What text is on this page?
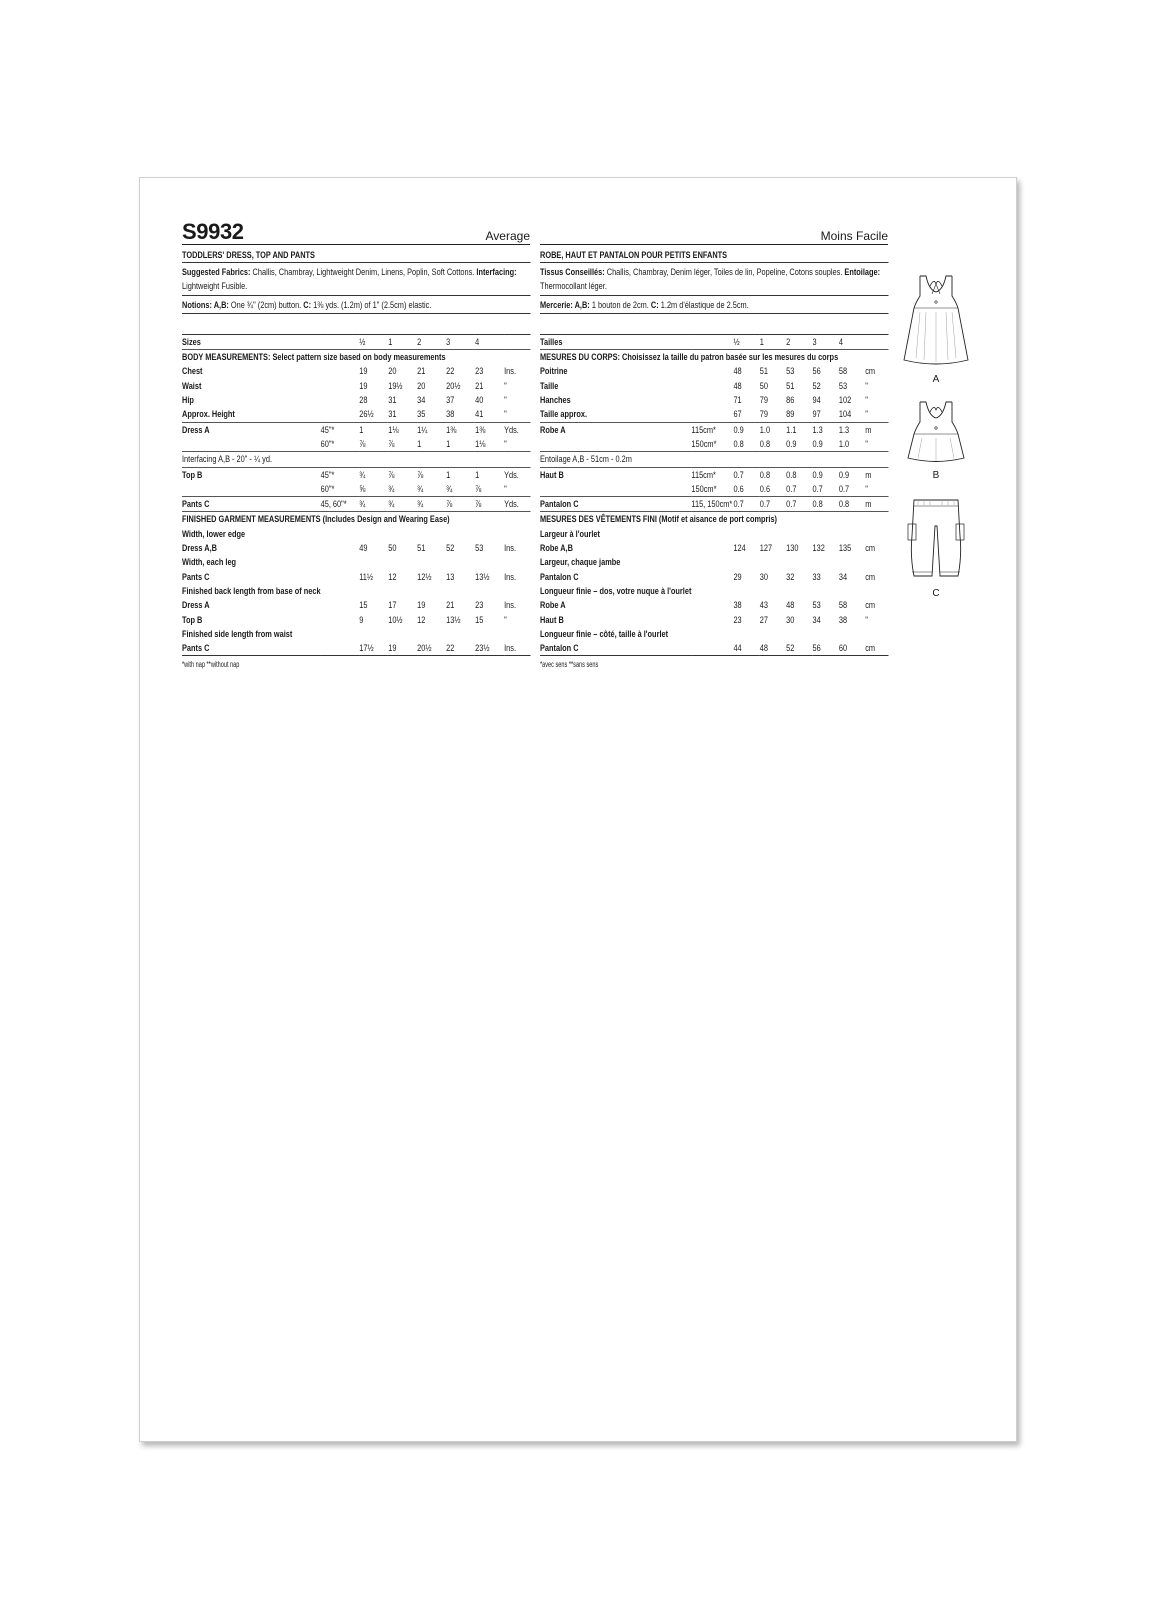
S9932	Average
TODDLERS' DRESS, TOP AND PANTS
Suggested Fabrics: Challis, Chambray, Lightweight Denim, Linens, Poplin, Soft Cottons. Interfacing: Lightweight Fusible.
Notions: A,B: One ¾" (2cm) button. C: 1⅜ yds. (1.2m) of 1" (2.5cm) elastic.
Sizes		½	1	2	3	4	
BODY MEASUREMENTS: Select pattern size based on body measurements							
Chest		19	20	21	22	23	Ins.
Waist		19	19½	20	20½	21	"
Hip		28	31	34	37	40	"
Approx. Height		26½	31	35	38	41	"
Dress A	45"*	1	1⅛	1¼	1⅜	1⅜	Yds.
	60"*	⅞	⅞	1	1	1⅛	"
Interfacing A,B - 20" - ¼ yd.							
Top B	45"*	¾	⅞	⅞	1	1	Yds.
	60"*	⅝	¾	¾	¾	⅞	"
Pants C	45, 60"*	¾	¾	¾	⅞	⅞	Yds.
FINISHED GARMENT MEASUREMENTS (Includes Design and Wearing Ease)							
Width, lower edge							
Dress A,B		49	50	51	52	53	Ins.
Width, each leg							
Pants C		11½	12	12½	13	13½	Ins.
Finished back length from base of neck							
Dress A		15	17	19	21	23	Ins.
Top B		9	10½	12	13½	15	"
Finished side length from waist							
Pants C		17½	19	20½	22	23½	Ins.
*with nap **without nap
Moins Facile
ROBE, HAUT ET PANTALON POUR PETITS ENFANTS
Tissus Conseillés: Challis, Chambray, Denim léger, Toiles de lin, Popeline, Cotons souples. Entoilage: Thermocollant léger.
Mercerie: A,B: 1 bouton de 2cm. C: 1.2m d'élastique de 2.5cm.
Tailles		½	1	2	3	4	
MESURES DU CORPS: Choisissez la taille du patron basée sur les mesures du corps							
Poitrine		48	51	53	56	58	cm
Taille		48	50	51	52	53	"
Hanches		71	79	86	94	102	"
Taille approx.		67	79	89	97	104	"
Robe A	115cm*	0.9	1.0	1.1	1.3	1.3	m
	150cm*	0.8	0.8	0.9	0.9	1.0	"
Entoilage A,B - 51cm - 0.2m							
Haut B	115cm*	0.7	0.8	0.8	0.9	0.9	m
	150cm*	0.6	0.6	0.7	0.7	0.7	"
Pantalon C	115, 150cm*	0.7	0.7	0.7	0.8	0.8	m
MESURES DES VÊTEMENTS FINI (Motif et aisance de port compris)							
Largeur à l'ourlet							
Robe A,B		124	127	130	132	135	cm
Largeur, chaque jambe							
Pantalon C		29	30	32	33	34	cm
Longueur finie – dos, votre nuque à l'ourlet							
Robe A		38	43	48	53	58	cm
Haut B		23	27	30	34	38	"
Longueur finie – côté, taille à l'ourlet							
Pantalon C		44	48	52	56	60	cm
*avec sens **sans sens
A
B
C
